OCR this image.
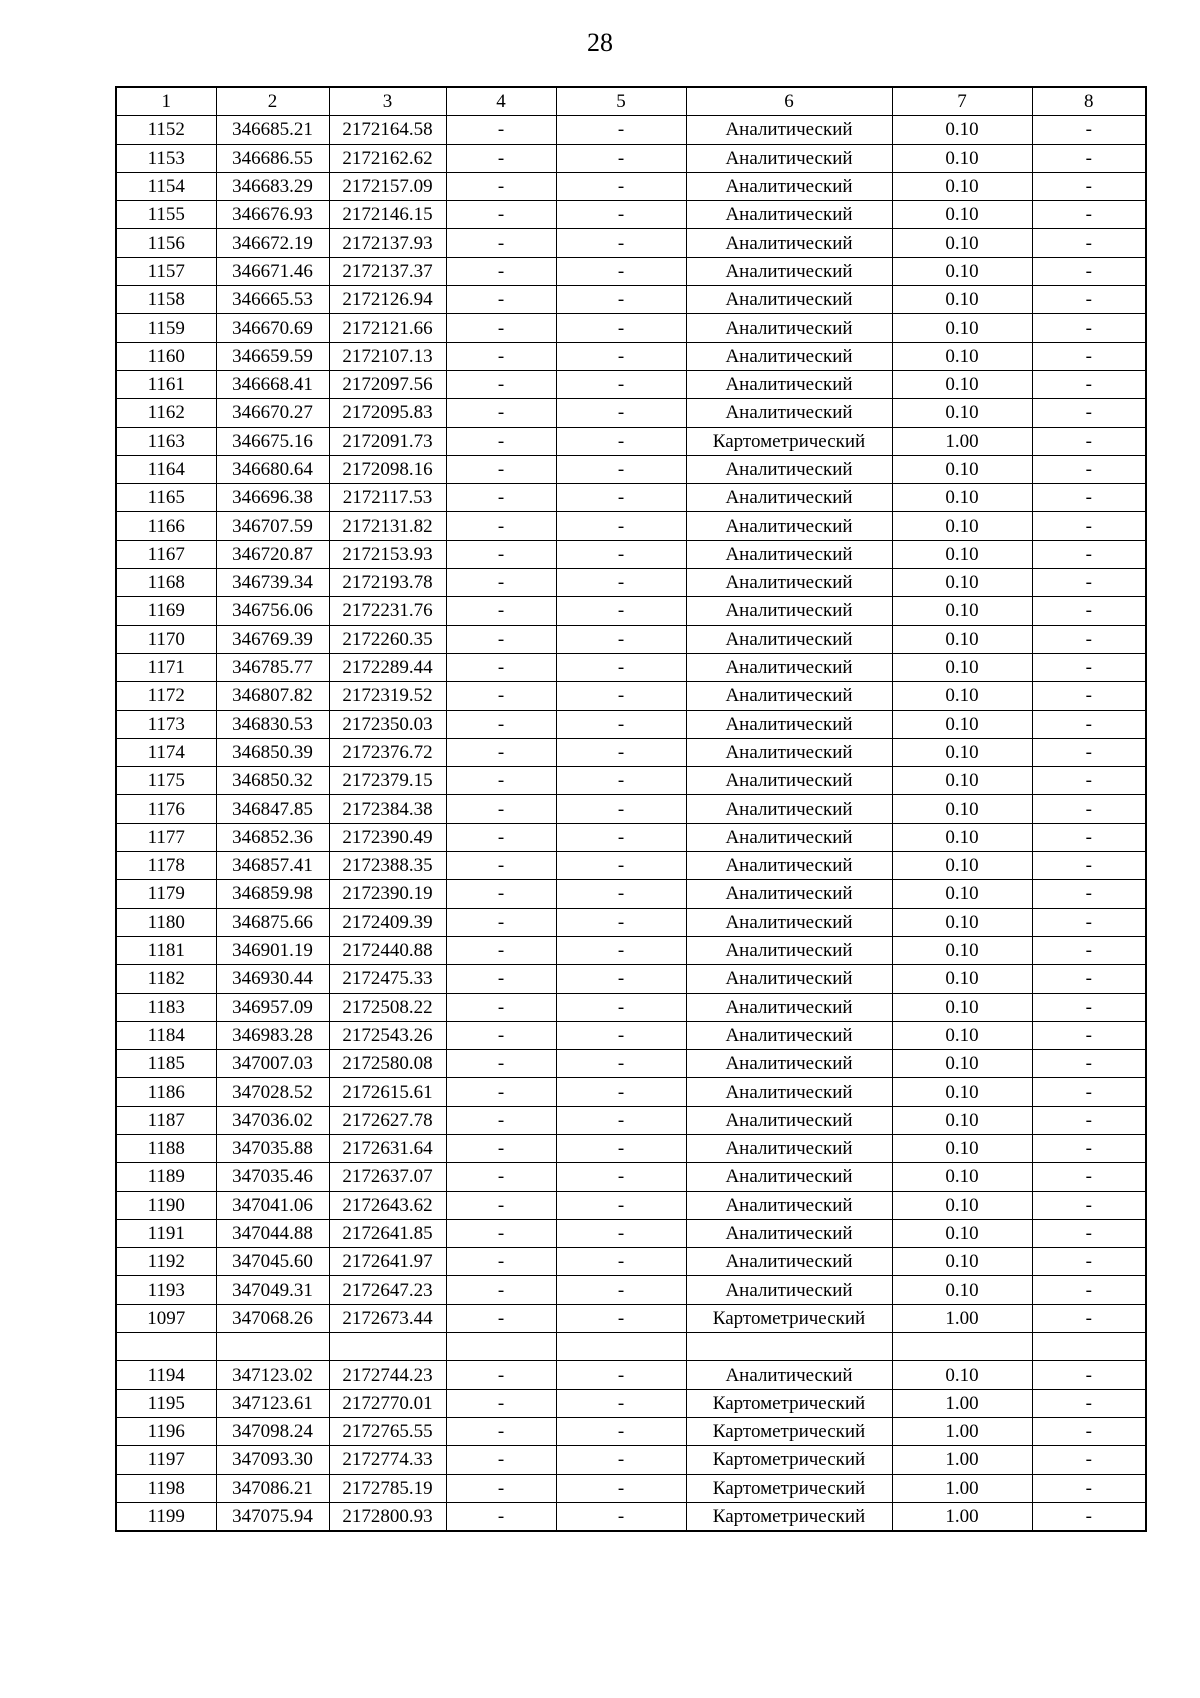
28
1	2	3	4	5	6	7	8
1152	346685.21	2172164.58	-	-	Аналитический	0.10	-
1153	346686.55	2172162.62	-	-	Аналитический	0.10	-
1154	346683.29	2172157.09	-	-	Аналитический	0.10	-
1155	346676.93	2172146.15	-	-	Аналитический	0.10	-
1156	346672.19	2172137.93	-	-	Аналитический	0.10	-
1157	346671.46	2172137.37	-	-	Аналитический	0.10	-
1158	346665.53	2172126.94	-	-	Аналитический	0.10	-
1159	346670.69	2172121.66	-	-	Аналитический	0.10	-
1160	346659.59	2172107.13	-	-	Аналитический	0.10	-
1161	346668.41	2172097.56	-	-	Аналитический	0.10	-
1162	346670.27	2172095.83	-	-	Аналитический	0.10	-
1163	346675.16	2172091.73	-	-	Картометрический	1.00	-
1164	346680.64	2172098.16	-	-	Аналитический	0.10	-
1165	346696.38	2172117.53	-	-	Аналитический	0.10	-
1166	346707.59	2172131.82	-	-	Аналитический	0.10	-
1167	346720.87	2172153.93	-	-	Аналитический	0.10	-
1168	346739.34	2172193.78	-	-	Аналитический	0.10	-
1169	346756.06	2172231.76	-	-	Аналитический	0.10	-
1170	346769.39	2172260.35	-	-	Аналитический	0.10	-
1171	346785.77	2172289.44	-	-	Аналитический	0.10	-
1172	346807.82	2172319.52	-	-	Аналитический	0.10	-
1173	346830.53	2172350.03	-	-	Аналитический	0.10	-
1174	346850.39	2172376.72	-	-	Аналитический	0.10	-
1175	346850.32	2172379.15	-	-	Аналитический	0.10	-
1176	346847.85	2172384.38	-	-	Аналитический	0.10	-
1177	346852.36	2172390.49	-	-	Аналитический	0.10	-
1178	346857.41	2172388.35	-	-	Аналитический	0.10	-
1179	346859.98	2172390.19	-	-	Аналитический	0.10	-
1180	346875.66	2172409.39	-	-	Аналитический	0.10	-
1181	346901.19	2172440.88	-	-	Аналитический	0.10	-
1182	346930.44	2172475.33	-	-	Аналитический	0.10	-
1183	346957.09	2172508.22	-	-	Аналитический	0.10	-
1184	346983.28	2172543.26	-	-	Аналитический	0.10	-
1185	347007.03	2172580.08	-	-	Аналитический	0.10	-
1186	347028.52	2172615.61	-	-	Аналитический	0.10	-
1187	347036.02	2172627.78	-	-	Аналитический	0.10	-
1188	347035.88	2172631.64	-	-	Аналитический	0.10	-
1189	347035.46	2172637.07	-	-	Аналитический	0.10	-
1190	347041.06	2172643.62	-	-	Аналитический	0.10	-
1191	347044.88	2172641.85	-	-	Аналитический	0.10	-
1192	347045.60	2172641.97	-	-	Аналитический	0.10	-
1193	347049.31	2172647.23	-	-	Аналитический	0.10	-
1097	347068.26	2172673.44	-	-	Картометрический	1.00	-

1194	347123.02	2172744.23	-	-	Аналитический	0.10	-
1195	347123.61	2172770.01	-	-	Картометрический	1.00	-
1196	347098.24	2172765.55	-	-	Картометрический	1.00	-
1197	347093.30	2172774.33	-	-	Картометрический	1.00	-
1198	347086.21	2172785.19	-	-	Картометрический	1.00	-
1199	347075.94	2172800.93	-	-	Картометрический	1.00	-
